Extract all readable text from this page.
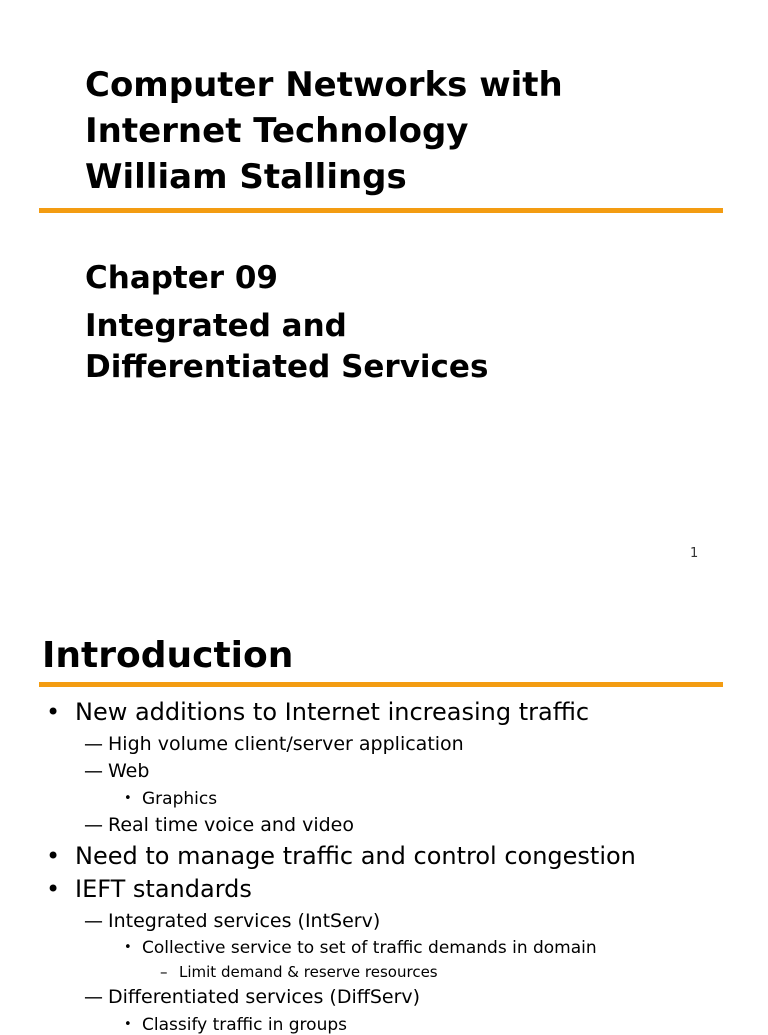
Computer Networks with
Internet Technology
William Stallings
Chapter 09
Integrated and
Differentiated Services
1
Introduction
• New additions to Internet increasing traffic
— High volume client/server application
— Web
• Graphics
— Real time voice and video
• Need to manage traffic and control congestion
• IEFT standards
— Integrated services (IntServ)
• Collective service to set of traffic demands in domain
– Limit demand & reserve resources
— Differentiated services (DiffServ)
• Classify traffic in groups
